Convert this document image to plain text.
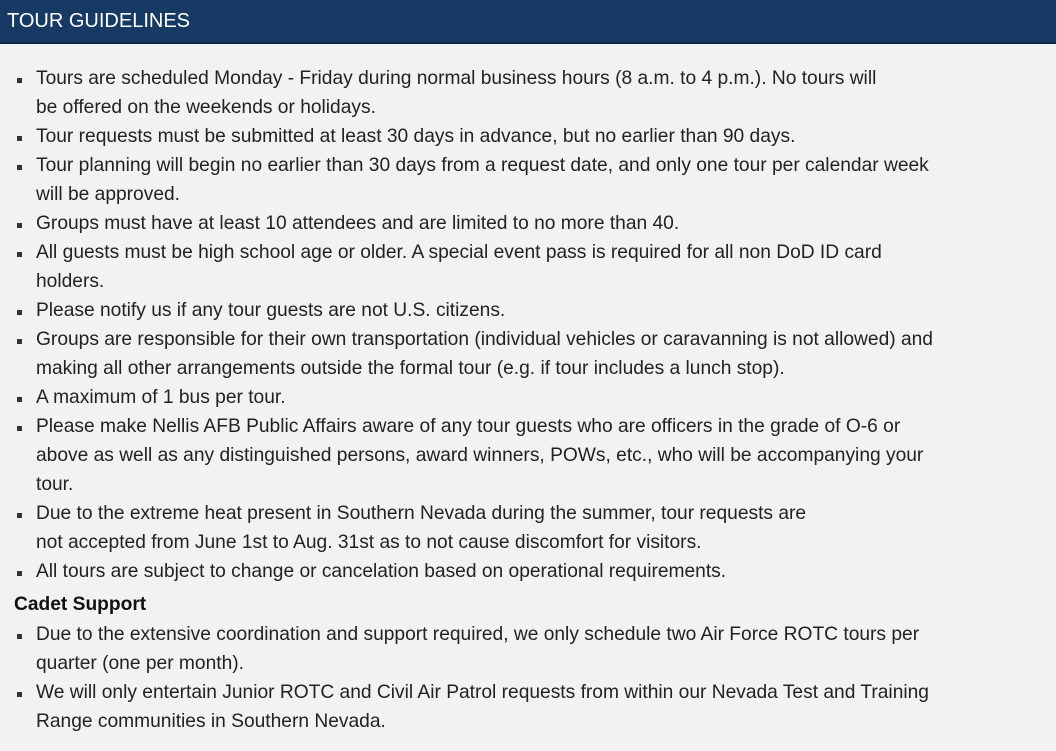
TOUR GUIDELINES
Tours are scheduled Monday - Friday during normal business hours (8 a.m. to 4 p.m.). No tours will
be offered on the weekends or holidays.
Tour requests must be submitted at least 30 days in advance, but no earlier than 90 days.
Tour planning will begin no earlier than 30 days from a request date, and only one tour per calendar week
will be approved.
Groups must have at least 10 attendees and are limited to no more than 40.
All guests must be high school age or older. A special event pass is required for all non DoD ID card
holders.
Please notify us if any tour guests are not U.S. citizens.
Groups are responsible for their own transportation (individual vehicles or caravanning is not allowed) and
making all other arrangements outside the formal tour (e.g. if tour includes a lunch stop).
A maximum of 1 bus per tour.
Please make Nellis AFB Public Affairs aware of any tour guests who are officers in the grade of O-6 or
above as well as any distinguished persons, award winners, POWs, etc., who will be accompanying your
tour.
Due to the extreme heat present in Southern Nevada during the summer, tour requests are
not accepted from June 1st to Aug. 31st as to not cause discomfort for visitors.
All tours are subject to change or cancelation based on operational requirements.
Cadet Support
Due to the extensive coordination and support required, we only schedule two Air Force ROTC tours per
quarter (one per month).
We will only entertain Junior ROTC and Civil Air Patrol requests from within our Nevada Test and Training
Range communities in Southern Nevada.
